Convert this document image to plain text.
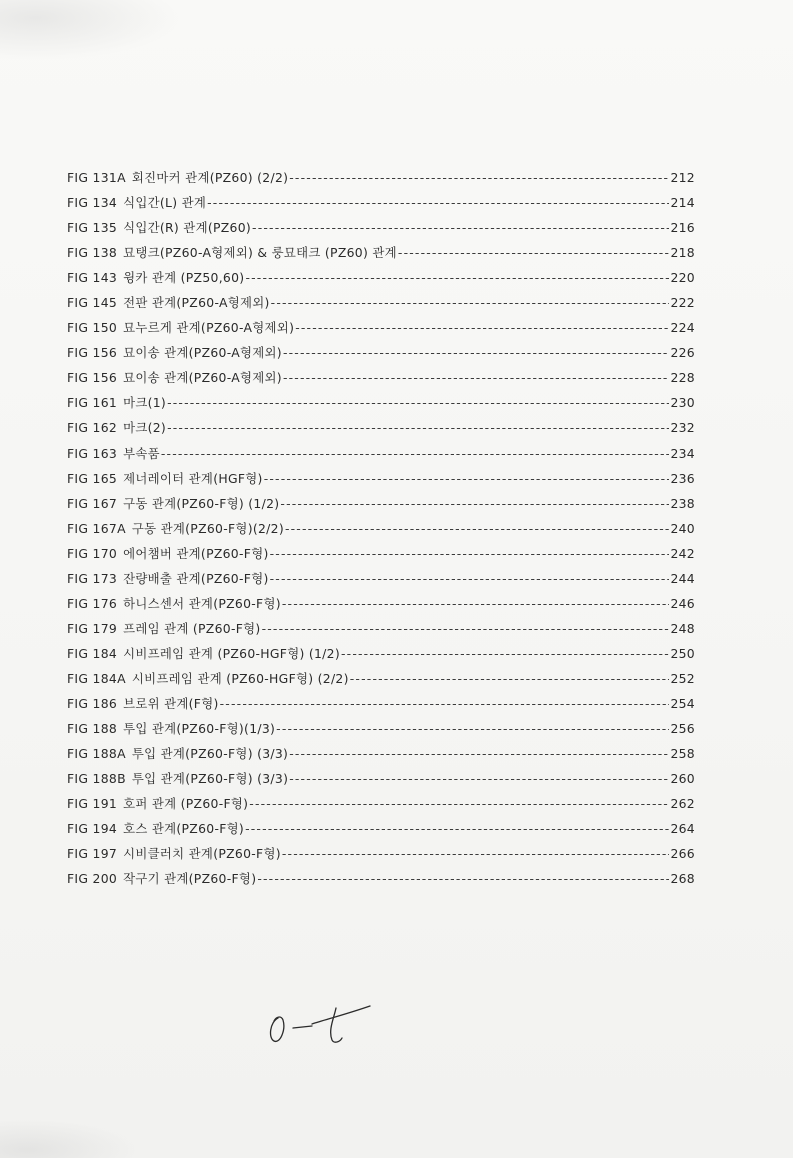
FIG 131A 회진마커 관계(PZ60) (2/2) -----	212
FIG 134 식입간(L) 관계 -----	214
FIG 135 식입간(R) 관계(PZ60) -----	216
FIG 138 묘탱크(PZ60-A형제외) & 룽묘태크 (PZ60) 관계 -----	218
FIG 143 윙카 관계 (PZ50,60) -----	220
FIG 145 전판 관계(PZ60-A형제외) -----	222
FIG 150 묘누르게 관계(PZ60-A형제외) -----	224
FIG 156 묘이송 관계(PZ60-A형제외) -----	226
FIG 156 묘이송 관계(PZ60-A형제외) -----	228
FIG 161 마크(1) -----	230
FIG 162 마크(2) -----	232
FIG 163 부속품 -----	234
FIG 165 제너레이터 관계(HGF형) -----	236
FIG 167 구동 관계(PZ60-F형) (1/2) -----	238
FIG 167A 구동 관계(PZ60-F형)(2/2) -----	240
FIG 170 에어챔버 관계(PZ60-F형) -----	242
FIG 173 잔량배출 관계(PZ60-F형) -----	244
FIG 176 하니스센서 관계(PZ60-F형) -----	246
FIG 179 프레임 관계 (PZ60-F형) -----	248
FIG 184 시비프레임 관계 (PZ60-HGF형) (1/2) -----	250
FIG 184A 시비프레임 관계 (PZ60-HGF형) (2/2) -----	252
FIG 186 브로위 관계(F형) -----	254
FIG 188 투입 관계(PZ60-F형)(1/3) -----	256
FIG 188A 투입 관계(PZ60-F형) (3/3) -----	258
FIG 188B 투입 관계(PZ60-F형) (3/3) -----	260
FIG 191 호퍼 관계 (PZ60-F형) -----	262
FIG 194 호스 관계(PZ60-F형) -----	264
FIG 197 시비클러치 관계(PZ60-F형) -----	266
FIG 200 작구기 관계(PZ60-F형) -----	268
